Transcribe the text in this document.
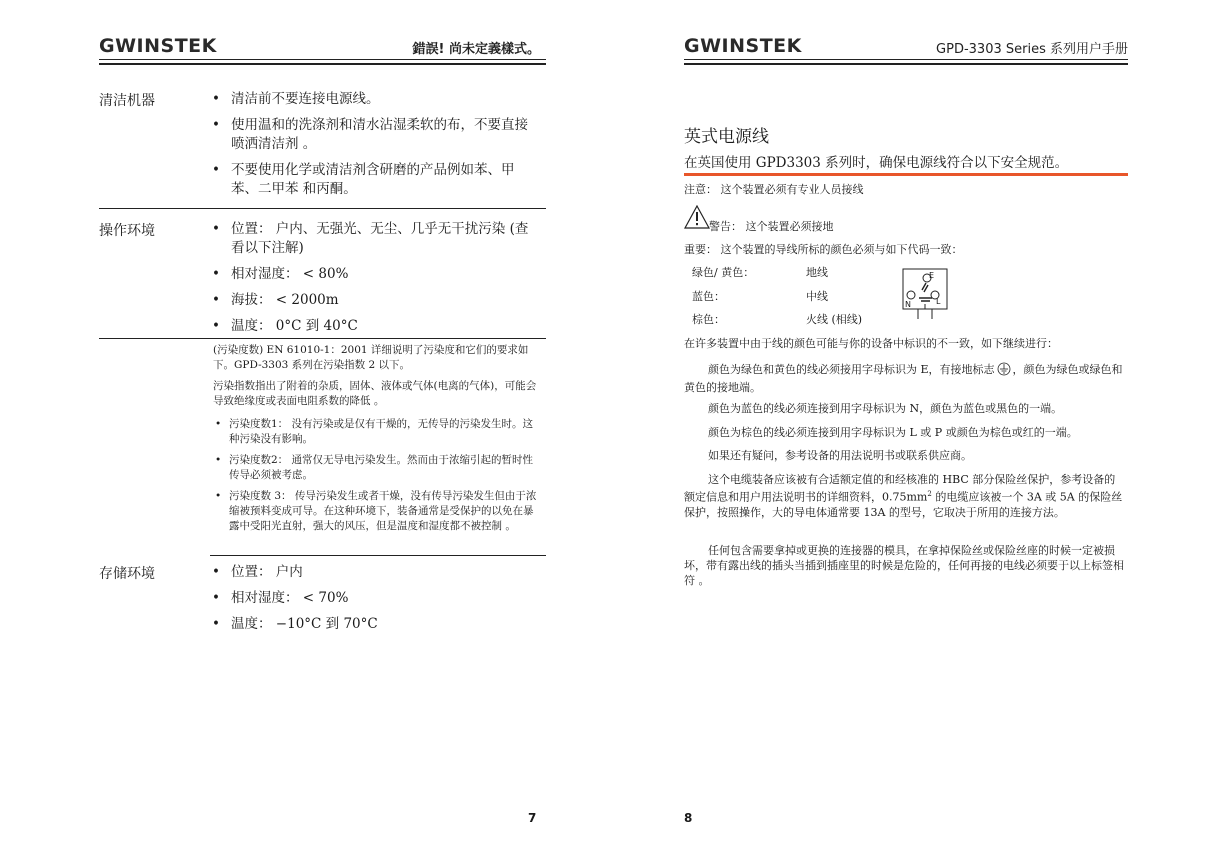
GWINSTEK	錯誤! 尚未定義樣式。
清洁机器	• 清洁前不要连接电源线。
• 使用温和的洗涤剂和清水沾湿柔软的布，不要直接喷洒清洁剂 。
• 不要使用化学或清洁剂含研磨的产品例如苯、甲苯、二甲苯 和丙酮。
操作环境	• 位置： 户内、无强光、无尘、几乎无干扰污染 (查看以下注解)
• 相对湿度： < 80%
• 海拔： < 2000m
• 温度： 0°C 到 40°C
(污染度数) EN 61010-1：2001 详细说明了污染度和它们的要求如下。GPD-3303 系列在污染指数 2 以下。
污染指数指出了附着的杂质，固体、液体或气体(电离的气体)，可能会导致绝缘度或表面电阻系数的降低 。
• 污染度数1： 没有污染或是仅有干燥的，无传导的污染发生时。这种污染没有影响。
• 污染度数2： 通常仅无导电污染发生。然而由于浓缩引起的暂时性传导必须被考虑。
• 污染度数 3： 传导污染发生或者干燥，没有传导污染发生但由于浓缩被预料变成可导。在这种环境下，装备通常是受保护的以免在暴露中受阳光直射，强大的风压，但是温度和湿度都不被控制 。
存储环境	• 位置： 户内
• 相对湿度： < 70%
• 温度： −10°C 到 70°C
7
GWINSTEK	GPD-3303 Series 系列用户手册
英式电源线
在英国使用 GPD3303 系列时，确保电源线符合以下安全规范。
注意： 这个装置必须有专业人员接线
警告： 这个装置必须接地
重要： 这个装置的导线所标的颜色必须与如下代码一致：
绿色/ 黄色：	地线
蓝色：	中线
棕色：	火线 (相线)
E
N	L
在许多装置中由于线的颜色可能与你的设备中标识的不一致，如下继续进行：
颜色为绿色和黄色的线必须接用字母标识为 E，有接地标志 ，颜色为绿色或绿色和黄色的接地端。
颜色为蓝色的线必须连接到用字母标识为 N，颜色为蓝色或黑色的一端。
颜色为棕色的线必须连接到用字母标识为 L 或 P 或颜色为棕色或红的一端。
如果还有疑问，参考设备的用法说明书或联系供应商。
这个电缆装备应该被有合适额定值的和经核准的 HBC 部分保险丝保护，参考设备的额定信息和用户用法说明书的详细资料，$0.75mm^2$ 的电缆应该被一个 3A 或 5A 的保险丝保护，按照操作，大的导电体通常要 13A 的型号，它取决于所用的连接方法。
任何包含需要拿掉或更换的连接器的模具，在拿掉保险丝或保险丝座的时候一定被损坏，带有露出线的插头当插到插座里的时候是危险的，任何再接的电线必须要于以上标签相符 。
8
